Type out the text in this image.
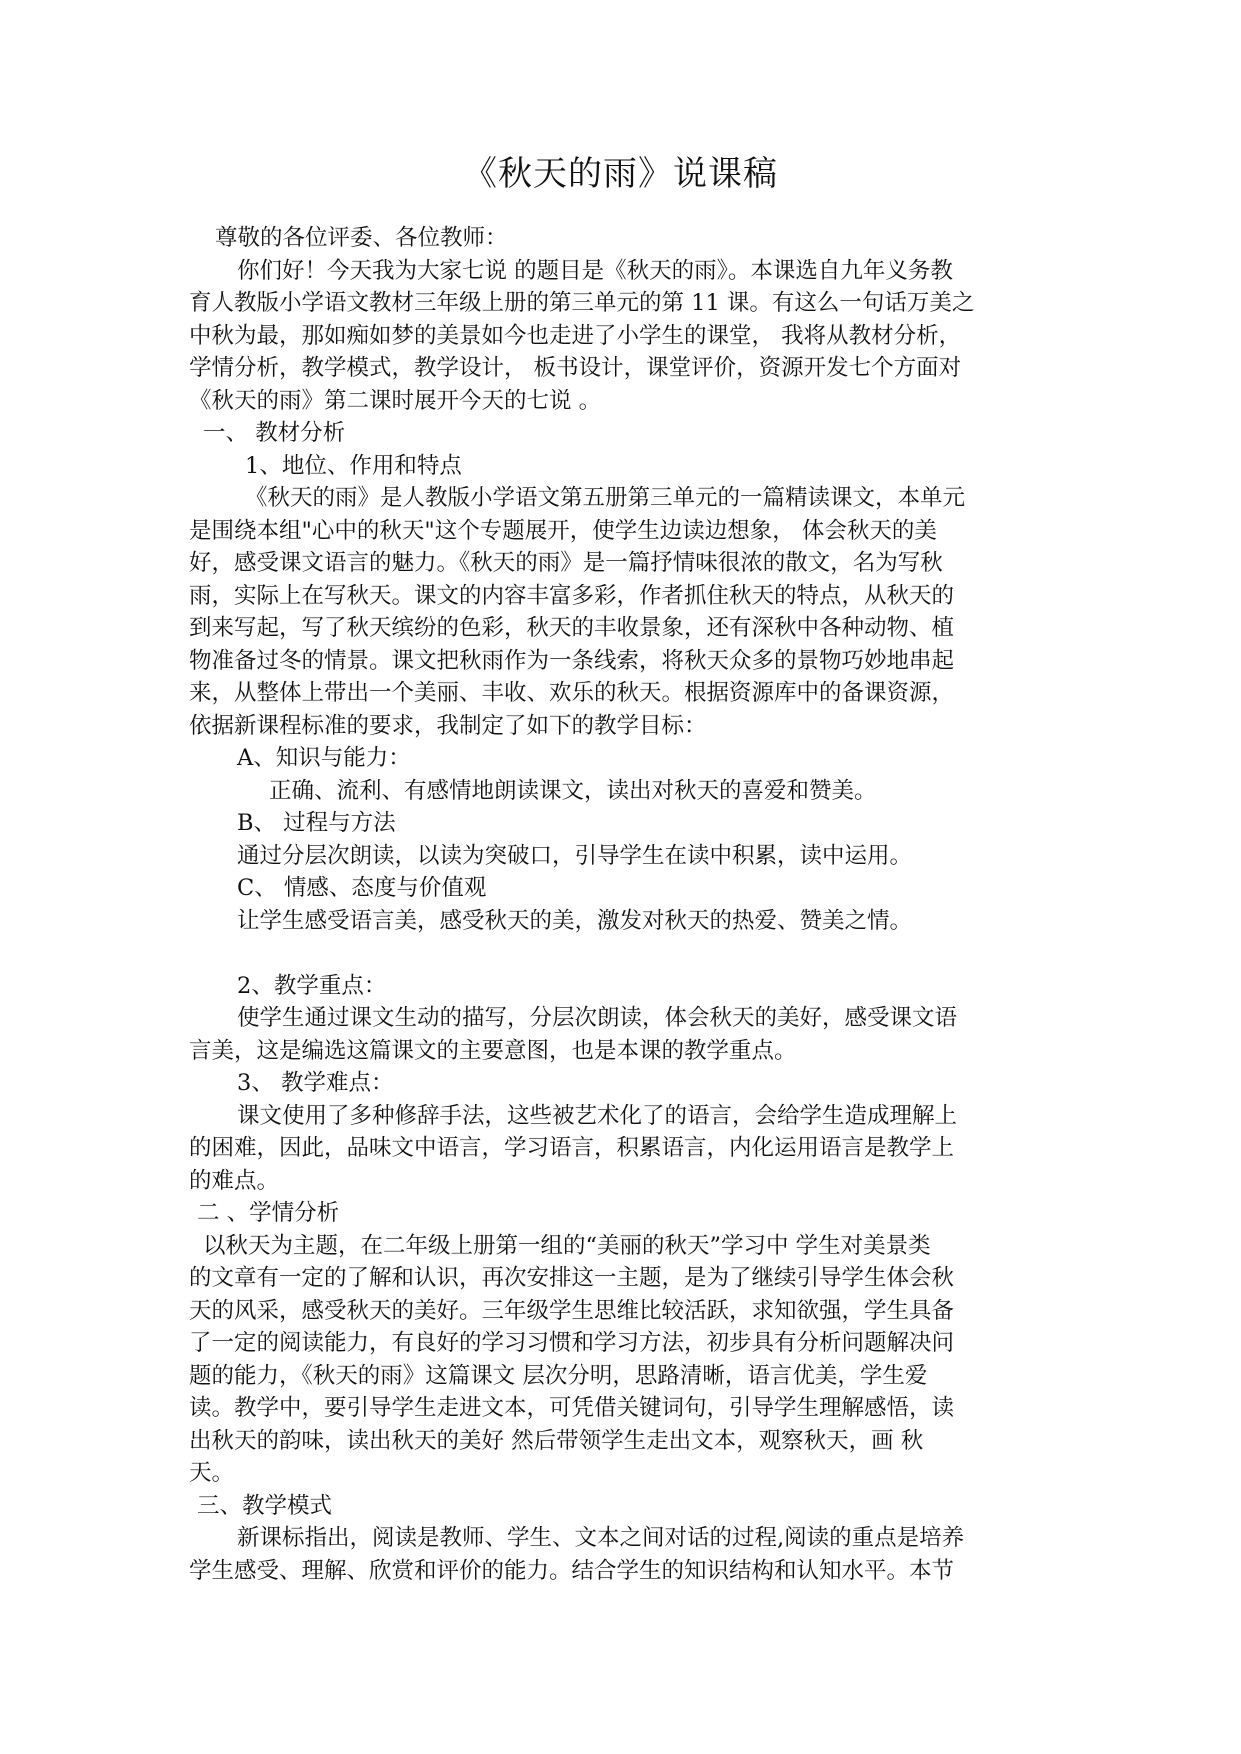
《秋天的雨》说课稿
尊敬的各位评委、各位教师：
你们好！今天我为大家七说 的题目是《秋天的雨》。本课选自九年义务教
育人教版小学语文教材三年级上册的第三单元的第 11 课。有这么一句话万美之
中秋为最，那如痴如梦的美景如今也走进了小学生的课堂， 我将从教材分析，
学情分析，教学模式，教学设计， 板书设计，课堂评价，资源开发七个方面对
《秋天的雨》第二课时展开今天的七说 。
一、 教材分析
1、地位、作用和特点
《秋天的雨》是人教版小学语文第五册第三单元的一篇精读课文，本单元
是围绕本组"心中的秋天"这个专题展开，使学生边读边想象， 体会秋天的美
好，感受课文语言的魅力。《秋天的雨》是一篇抒情味很浓的散文，名为写秋
雨，实际上在写秋天。课文的内容丰富多彩，作者抓住秋天的特点，从秋天的
到来写起，写了秋天缤纷的色彩，秋天的丰收景象，还有深秋中各种动物、植
物准备过冬的情景。课文把秋雨作为一条线索，将秋天众多的景物巧妙地串起
来，从整体上带出一个美丽、丰收、欢乐的秋天。根据资源库中的备课资源，
依据新课程标准的要求，我制定了如下的教学目标：
A、知识与能力：
正确、流利、有感情地朗读课文，读出对秋天的喜爱和赞美。
B、 过程与方法
通过分层次朗读，以读为突破口，引导学生在读中积累，读中运用。
C、 情感、态度与价值观
让学生感受语言美，感受秋天的美，激发对秋天的热爱、赞美之情。
2、教学重点：
使学生通过课文生动的描写，分层次朗读，体会秋天的美好，感受课文语
言美，这是编选这篇课文的主要意图，也是本课的教学重点。
3、 教学难点：
课文使用了多种修辞手法，这些被艺术化了的语言，会给学生造成理解上
的困难，因此，品味文中语言，学习语言，积累语言，内化运用语言是教学上
的难点。
二 、学情分析
以秋天为主题，在二年级上册第一组的“美丽的秋天”学习中 学生对美景类
的文章有一定的了解和认识，再次安排这一主题，是为了继续引导学生体会秋
天的风采，感受秋天的美好。三年级学生思维比较活跃，求知欲强，学生具备
了一定的阅读能力，有良好的学习习惯和学习方法，初步具有分析问题解决问
题的能力，《秋天的雨》这篇课文 层次分明，思路清晰，语言优美，学生爱
读。教学中，要引导学生走进文本，可凭借关键词句，引导学生理解感悟，读
出秋天的韵味，读出秋天的美好 然后带领学生走出文本，观察秋天，画 秋
天。
三、教学模式
新课标指出，阅读是教师、学生、文本之间对话的过程,阅读的重点是培养
学生感受、理解、欣赏和评价的能力。结合学生的知识结构和认知水平。本节
